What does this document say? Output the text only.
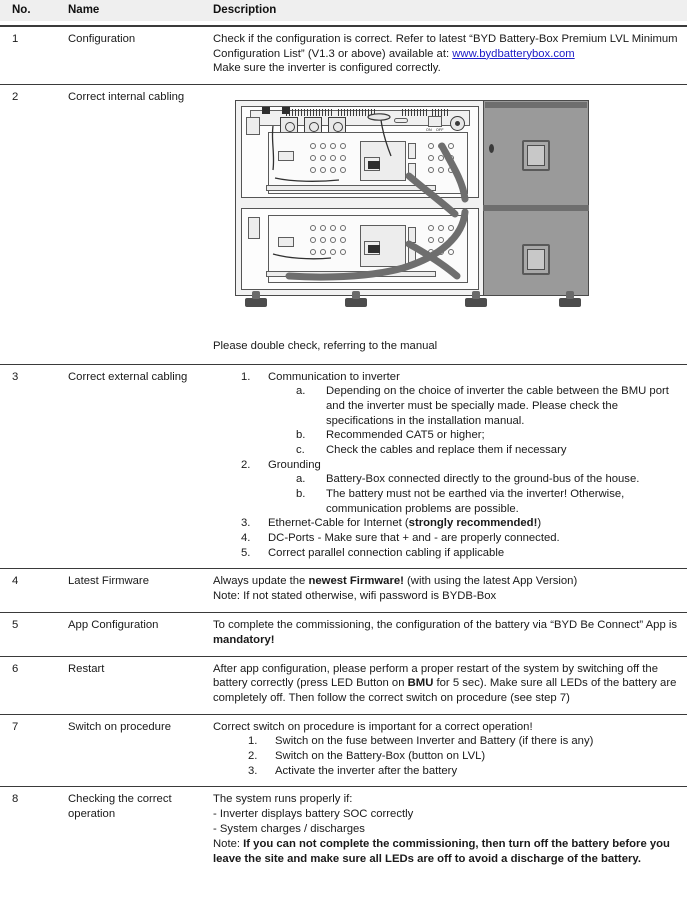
No.	Name	Description

1	Configuration	Check if the configuration is correct. Refer to latest “BYD Battery-Box Premium LVL Minimum Configuration List” (V1.3 or above) available at: www.bydbatterybox.com
Make sure the inverter is configured correctly.

2	Correct internal cabling	ON OFF

Please double check, referring to the manual

3	Correct external cabling	Communication to inverter
Depending on the choice of inverter the cable between the BMU port and the inverter must be specially made. Please check the specifications in the installation manual.
Recommended CAT5 or higher;
Check the cables and replace them if necessary
Grounding
Battery-Box connected directly to the ground-bus of the house.
The battery must not be earthed via the inverter! Otherwise, communication problems are possible.
Ethernet-Cable for Internet (strongly recommended!)
DC-Ports - Make sure that + and - are properly connected.
Correct parallel connection cabling if applicable

4	Latest Firmware	Always update the newest Firmware! (with using the latest App Version)
Note: If not stated otherwise, wifi password is BYDB-Box

5	App Configuration	To complete the commissioning, the configuration of the battery via “BYD Be Connect” App is mandatory!

6	Restart	After app configuration, please perform a proper restart of the system by switching off the battery correctly (press LED Button on BMU for 5 sec). Make sure all LEDs of the battery are completely off. Then follow the correct switch on procedure (see step 7)

7	Switch on procedure	Correct switch on procedure is important for a correct operation!
Switch on the fuse between Inverter and Battery (if there is any)
Switch on the Battery-Box (button on LVL)
Activate the inverter after the battery

8	Checking the correct operation	The system runs properly if:
- Inverter displays battery SOC correctly
- System charges / discharges
Note: If you can not complete the commissioning, then turn off the battery before you leave the site and make sure all LEDs are off to avoid a discharge of the battery.
